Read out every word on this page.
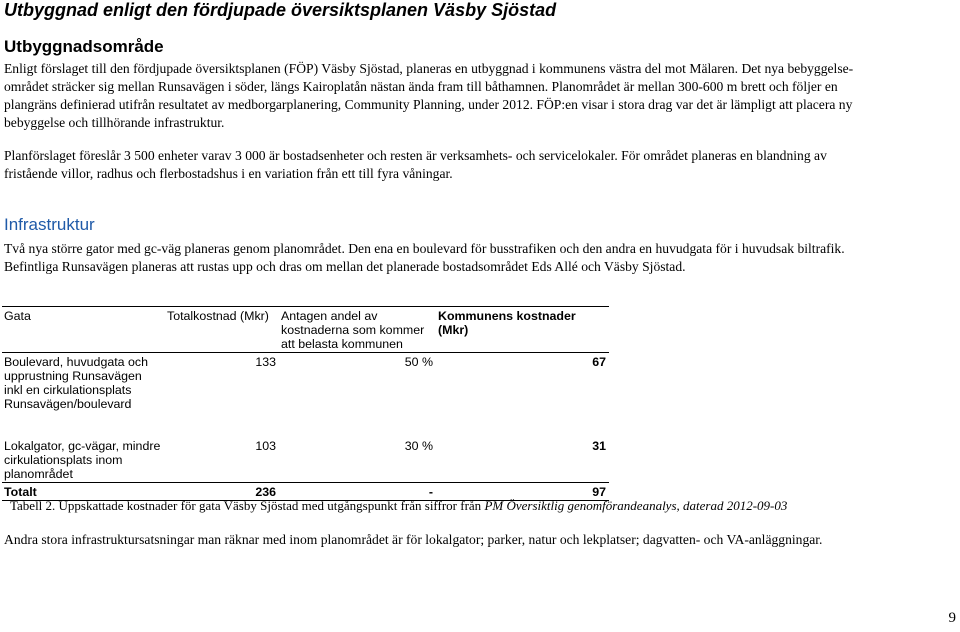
Utbyggnad enligt den fördjupade översiktsplanen Väsby Sjöstad
Utbyggnadsområde

Enligt förslaget till den fördjupade översiktsplanen (FÖP) Väsby Sjöstad, planeras en utbyggnad i kommunens västra del mot Mälaren. Det nya bebyggelse-
området sträcker sig mellan Runsavägen i söder, längs Kairoplatån nästan ända fram till båthamnen. Planområdet är mellan 300-600 m brett och följer en
plangräns definierad utifrån resultatet av medborgarplanering, Community Planning, under 2012. FÖP:en visar i stora drag var det är lämpligt att placera ny
bebyggelse och tillhörande infrastruktur.

Planförslaget föreslår 3 500 enheter varav 3 000 är bostadsenheter och resten är verksamhets- och servicelokaler. För området planeras en blandning av
fristående villor, radhus och flerbostadshus i en variation från ett till fyra våningar.

Infrastruktur

Två nya större gator med gc-väg planeras genom planområdet. Den ena en boulevard för busstrafiken och den andra en huvudgata för i huvudsak biltrafik.
Befintliga Runsavägen planeras att rustas upp och dras om mellan det planerade bostadsområdet Eds Allé och Väsby Sjöstad.

Gata	Totalkostnad (Mkr)	Antagen andel av kostnaderna som kommer att belasta kommunen	Kommunens kostnader (Mkr)
Boulevard, huvudgata och upprustning Runsavägen inkl en cirkulationsplats Runsavägen/boulevard	133	50 %	67
Lokalgator, gc-vägar, mindre cirkulationsplats inom planområdet	103	30 %	31
Totalt	236	-	97
Tabell 2. Uppskattade kostnader för gata Väsby Sjöstad med utgångspunkt från siffror från PM Översiktlig genomförandeanalys, daterad 2012-09-03

Andra stora infrastruktursatsningar man räknar med inom planområdet är för lokalgator; parker, natur och lekplatser; dagvatten- och VA-anläggningar.

9
